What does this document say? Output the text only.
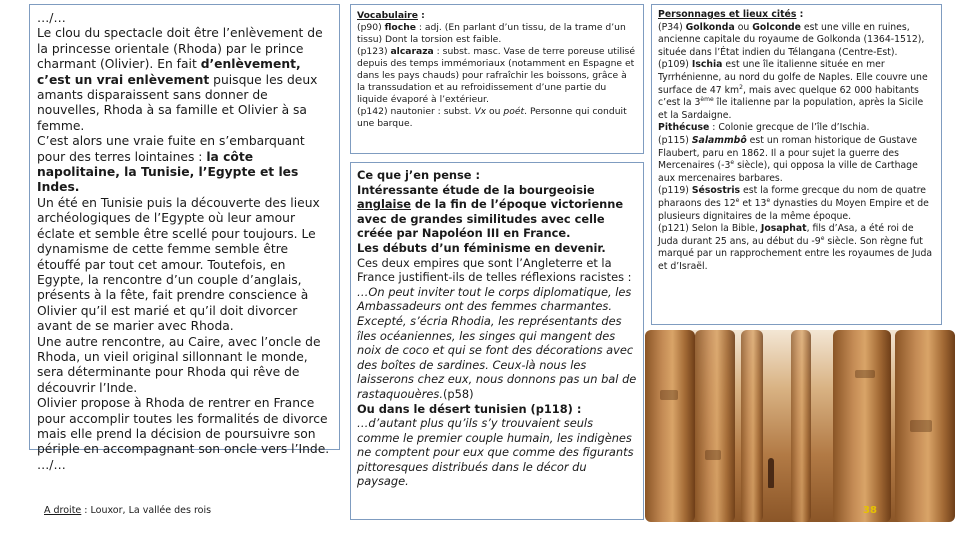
…/…

Le clou du spectacle doit être l’enlèvement de la princesse orientale (Rhoda) par le prince charmant (Olivier). En fait d’enlèvement, c’est un vrai enlèvement puisque les deux amants disparaissent sans donner de nouvelles, Rhoda à sa famille et Olivier à sa femme.

C’est alors une vraie fuite en s’embarquant pour des terres lointaines : la côte napolitaine, la Tunisie, l’Egypte et les Indes.

Un été en Tunisie puis la découverte des lieux archéologiques de l’Egypte où leur amour éclate et semble être scellé pour toujours. Le dynamisme de cette femme semble être étouffé par tout cet amour. Toutefois, en Egypte, la rencontre d’un couple d’anglais, présents à la fête, fait prendre conscience à Olivier qu’il est marié et qu’il doit divorcer avant de se marier avec Rhoda.

Une autre rencontre, au Caire, avec l’oncle de Rhoda, un vieil original sillonnant le monde, sera déterminante pour Rhoda qui rêve de découvrir l’Inde.

Olivier propose à Rhoda de rentrer en France pour accomplir toutes les formalités de divorce mais elle prend la décision de poursuivre son périple en accompagnant son oncle vers l’Inde. …/…

Vocabulaire :

(p90) floche : adj. (En parlant d’un tissu, de la trame d’un tissu) Dont la torsion est faible.

(p123) alcaraza : subst. masc. Vase de terre poreuse utilisé depuis des temps immémoriaux (notamment en Espagne et dans les pays chauds) pour rafraîchir les boissons, grâce à la transsudation et au refroidissement d’une partie du liquide évaporé à l’extérieur.

(p142) nautonier : subst. Vx ou poét. Personne qui conduit une barque.

Ce que j’en pense :

Intéressante étude de la bourgeoisie anglaise de la fin de l’époque victorienne avec de grandes similitudes avec celle créée par Napoléon III en France.

Les débuts d’un féminisme en devenir.

Ces deux empires que sont l’Angleterre et la France justifient-ils de telles réflexions racistes :

…On peut inviter tout le corps diplomatique, les Ambassadeurs ont des femmes charmantes. Excepté, s’écria Rhodia, les représentants des îles océaniennes, les singes qui mangent des noix de coco et qui se font des décorations avec des boîtes de sardines. Ceux-là nous les laisserons chez eux, nous donnons pas un bal de rastaquouères.(p58)

Ou dans le désert tunisien (p118) :

…d’autant plus qu’ils s’y trouvaient seuls comme le premier couple humain, les indigènes ne comptent pour eux que comme des figurants pittoresques distribués dans le décor du paysage.

Personnages et lieux cités :

(P34) Golkonda ou Golconde est une ville en ruines, ancienne capitale du royaume de Golkonda (1364-1512), située dans l’État indien du Télangana (Centre-Est).

(p109) Ischia est une île italienne située en mer Tyrrhénienne, au nord du golfe de Naples. Elle couvre une surface de 47 $km^2$, mais avec quelque 62 000 habitants c’est la 3ème île italienne par la population, après la Sicile et la Sardaigne.

Pithécuse : Colonie grecque de l’île d’Ischia.

(p115) Salammbô est un roman historique de Gustave Flaubert, paru en 1862. Il a pour sujet la guerre des Mercenaires (-3e siècle), qui opposa la ville de Carthage aux mercenaires barbares.

(p119) Sésostris est la forme grecque du nom de quatre pharaons des 12e et 13e dynasties du Moyen Empire et de plusieurs dignitaires de la même époque.

(p121) Selon la Bible, Josaphat, fils d’Asa, a été roi de Juda durant 25 ans, au début du -9e siècle. Son règne fut marqué par un rapprochement entre les royaumes de Juda et d’Israël.

A droite : Louxor, La vallée des rois	38
